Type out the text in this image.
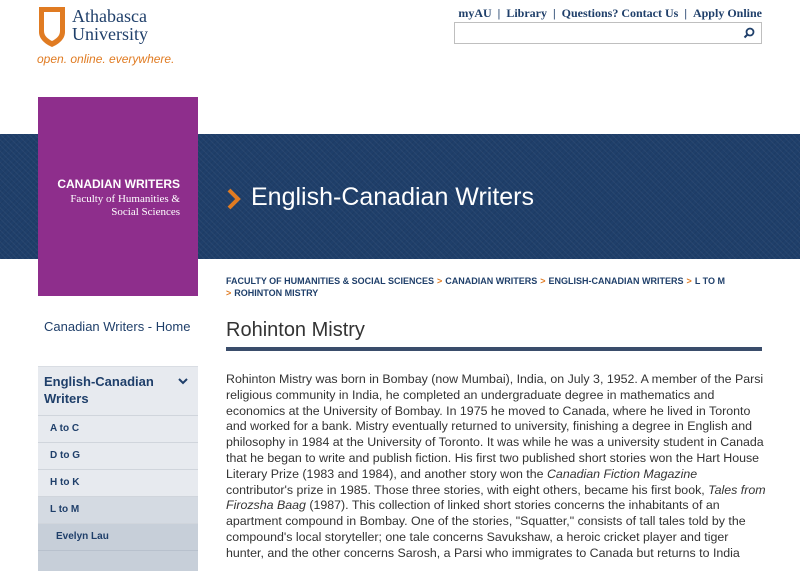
Athabasca
University
open. online. everywhere.
myAU | Library | Questions? Contact Us | Apply Online
CANADIAN WRITERS
Faculty of Humanities &
Social Sciences
English-Canadian Writers
FACULTY OF HUMANITIES & SOCIAL SCIENCES > CANADIAN WRITERS > ENGLISH-CANADIAN WRITERS > L TO M
> ROHINTON MISTRY
Canadian Writers - Home
English-Canadian Writers
A to C
D to G
H to K
L to M
Evelyn Lau
Rohinton Mistry
Rohinton Mistry was born in Bombay (now Mumbai), India, on July 3, 1952. A member of the Parsi religious community in India, he completed an undergraduate degree in mathematics and economics at the University of Bombay. In 1975 he moved to Canada, where he lived in Toronto and worked for a bank. Mistry eventually returned to university, finishing a degree in English and philosophy in 1984 at the University of Toronto. It was while he was a university student in Canada that he began to write and publish fiction. His first two published short stories won the Hart House Literary Prize (1983 and 1984), and another story won the Canadian Fiction Magazine contributor's prize in 1985. Those three stories, with eight others, became his first book, Tales from Firozsha Baag (1987). This collection of linked short stories concerns the inhabitants of an apartment compound in Bombay. One of the stories, "Squatter," consists of tall tales told by the compound's local storyteller; one tale concerns Savukshaw, a heroic cricket player and tiger hunter, and the other concerns Sarosh, a Parsi who immigrates to Canada but returns to India
